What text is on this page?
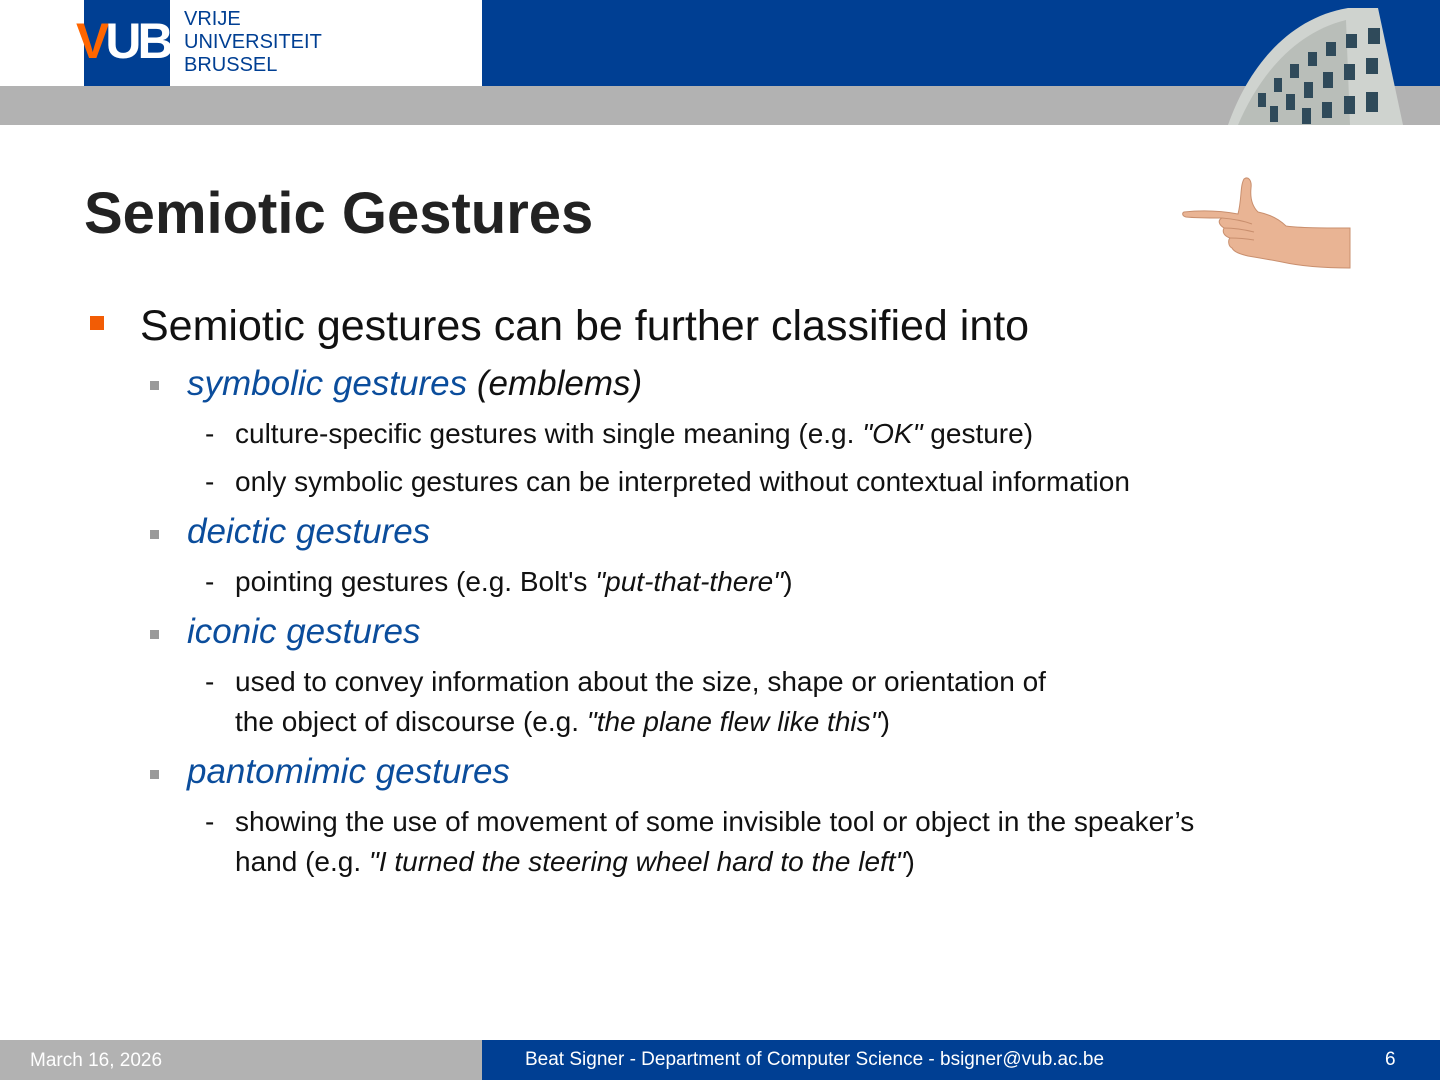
VUB VRIJE
UNIVERSITEIT
BRUSSEL
Semiotic Gestures
Semiotic gestures can be further classified into
symbolic gestures (emblems)
- culture-specific gestures with single meaning (e.g. "OK" gesture)
- only symbolic gestures can be interpreted without contextual information
deictic gestures
- pointing gestures (e.g. Bolt's "put-that-there")
iconic gestures
- used to convey information about the size, shape or orientation of
the object of discourse (e.g. "the plane flew like this")
pantomimic gestures
- showing the use of movement of some invisible tool or object in the speaker’s
hand (e.g. "I turned the steering wheel hard to the left")
March 16, 2026	Beat Signer - Department of Computer Science - bsigner@vub.ac.be	6
